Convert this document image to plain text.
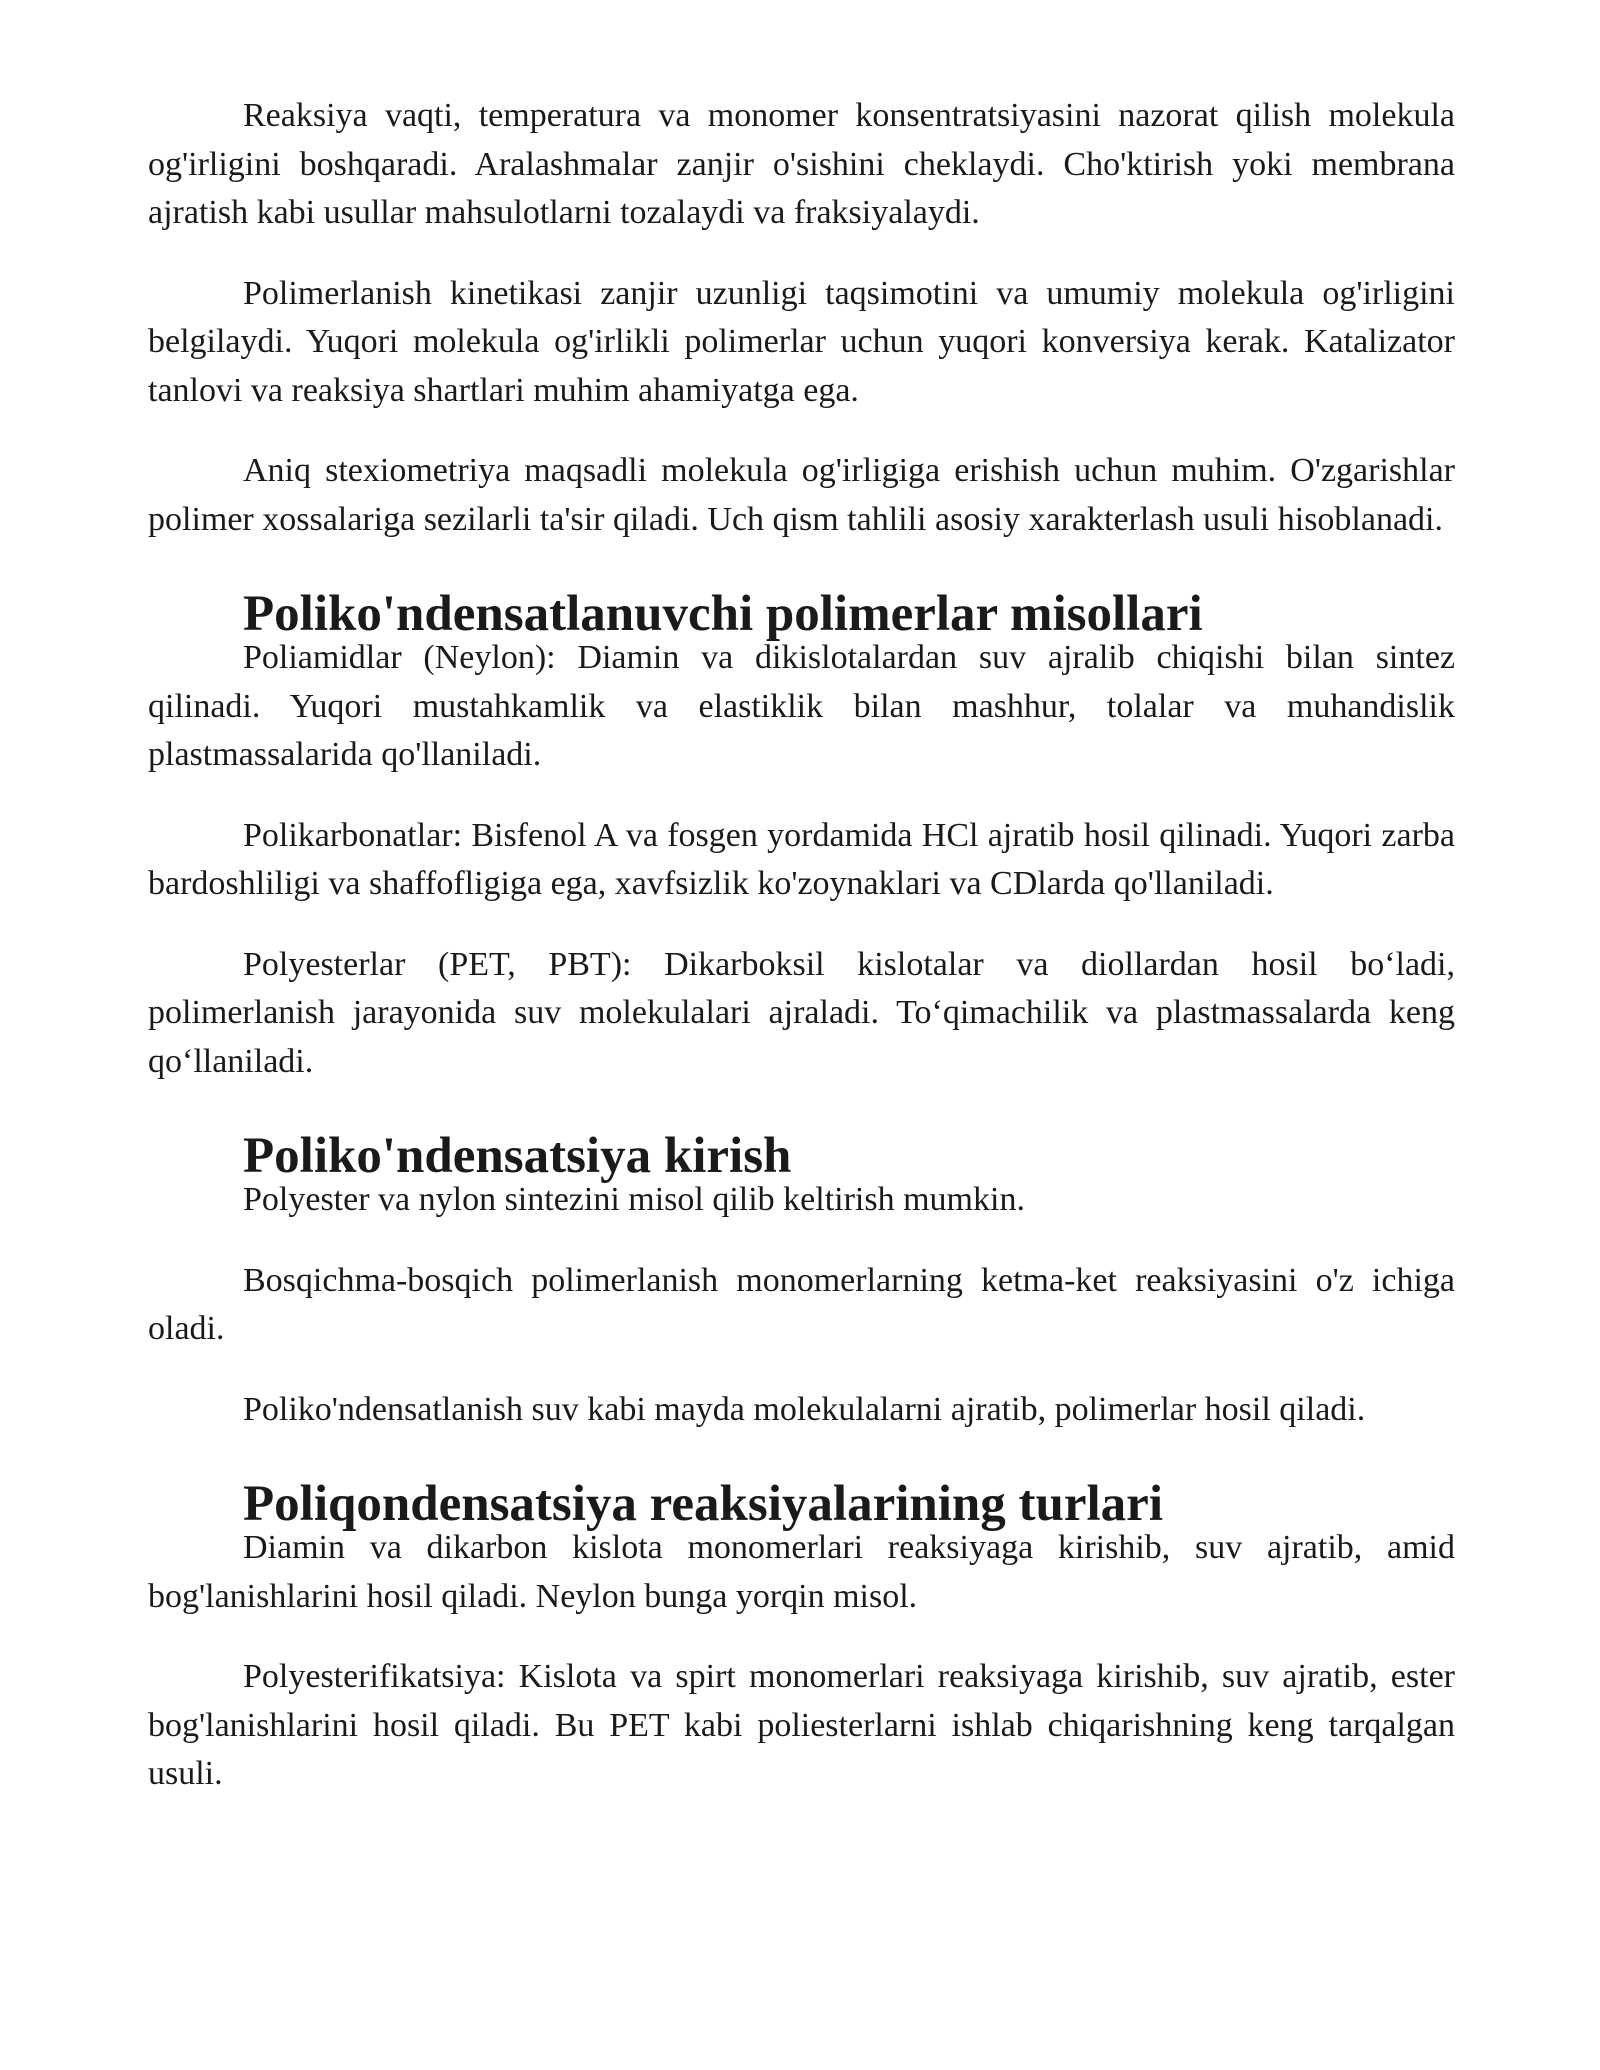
Reaksiya vaqti, temperatura va monomer konsentratsiyasini nazorat qilish molekula og'irligini boshqaradi. Aralashmalar zanjir o'sishini cheklaydi. Cho'ktirish yoki membrana ajratish kabi usullar mahsulotlarni tozalaydi va fraksiyalaydi.

Polimerlanish kinetikasi zanjir uzunligi taqsimotini va umumiy molekula og'irligini belgilaydi. Yuqori molekula og'irlikli polimerlar uchun yuqori konversiya kerak. Katalizator tanlovi va reaksiya shartlari muhim ahamiyatga ega.

Aniq stexiometriya maqsadli molekula og'irligiga erishish uchun muhim. O'zgarishlar polimer xossalariga sezilarli ta'sir qiladi. Uch qism tahlili asosiy xarakterlash usuli hisoblanadi.

Poliko'ndensatlanuvchi polimerlar misollari

Poliamidlar (Neylon): Diamin va dikislotalardan suv ajralib chiqishi bilan sintez qilinadi. Yuqori mustahkamlik va elastiklik bilan mashhur, tolalar va muhandislik plastmassalarida qo'llaniladi.

Polikarbonatlar: Bisfenol A va fosgen yordamida HCl ajratib hosil qilinadi. Yuqori zarba bardoshliligi va shaffofligiga ega, xavfsizlik ko'zoynaklari va CDlarda qo'llaniladi.

Polyesterlar (PET, PBT): Dikarboksil kislotalar va diollardan hosil bo‘ladi, polimerlanish jarayonida suv molekulalari ajraladi. To‘qimachilik va plastmassalarda keng qo‘llaniladi.

Poliko'ndensatsiya kirish

Polyester va nylon sintezini misol qilib keltirish mumkin.

Bosqichma-bosqich polimerlanish monomerlarning ketma-ket reaksiyasini o'z ichiga oladi.

Poliko'ndensatlanish suv kabi mayda molekulalarni ajratib, polimerlar hosil qiladi.

Poliqondensatsiya reaksiyalarining turlari

Diamin va dikarbon kislota monomerlari reaksiyaga kirishib, suv ajratib, amid bog'lanishlarini hosil qiladi. Neylon bunga yorqin misol.

Polyesterifikatsiya: Kislota va spirt monomerlari reaksiyaga kirishib, suv ajratib, ester bog'lanishlarini hosil qiladi. Bu PET kabi poliesterlarni ishlab chiqarishning keng tarqalgan usuli.
